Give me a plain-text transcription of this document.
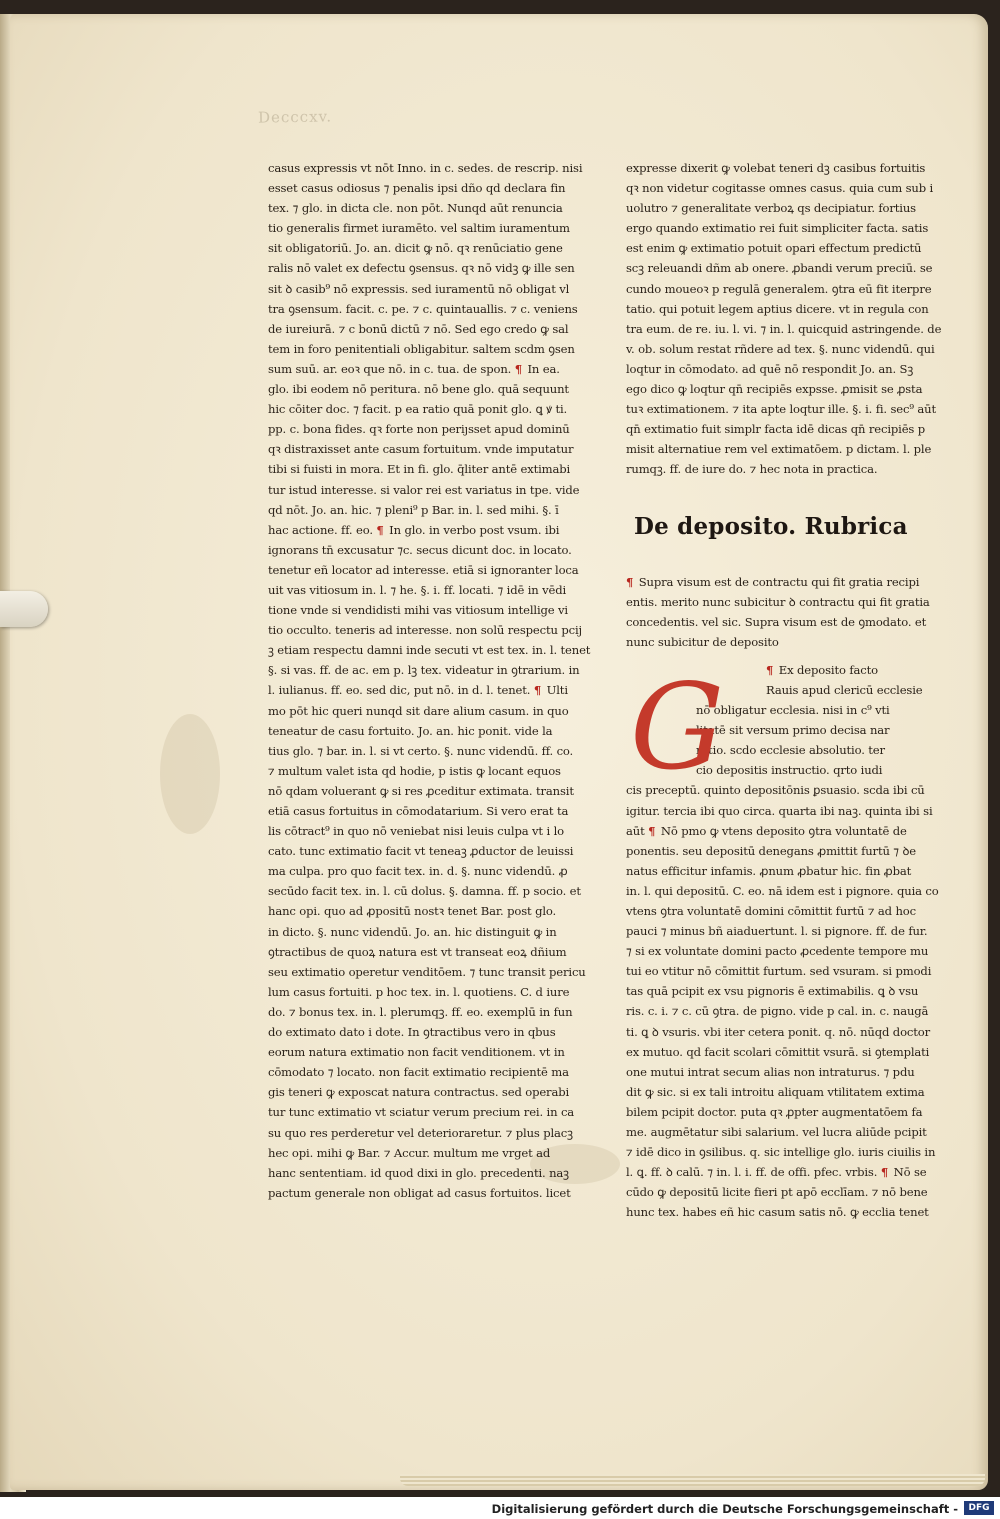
Decccxv.

casus expressis vt nōt Inno. in c. sedes. de rescrip. nisi

esset casus odiosus ⁊ penalis ipsi dño qd declara fin

tex. ⁊ glo. in dicta cle. non pōt. Nunqd aūt renuncia

tio generalis firmet iuramēto. vel saltim iuramentum

sit obligatoriū. Jo. an. dicit ꝙ nō. qꝛ renūciatio gene

ralis nō valet ex defectu ꝯsensus. qꝛ nō vidꝫ ꝙ ille sen

sit ꝺ casib⁹ nō expressis. sed iuramentū nō obligat vl

tra ꝯsensum. facit. c. pe. ⁊ c. quintauallis. ⁊ c. veniens

de iureiurā. ⁊ c bonū dictū ⁊ nō. Sed ego credo ꝙ sal

tem in foro penitentiali obligabitur. saltem scdm ꝯsen

sum suū. ar. eoꝛ que nō. in c. tua. de spon. ¶ In ea.

glo. ibi eodem nō peritura. nō bene glo. quā sequunt

hic cōiter doc. ⁊ facit. p ea ratio quā ponit glo. ꝗ ꝟ ti.

pp. c. bona fides. qꝛ forte non periȷsset apud dominū

qꝛ distraxisset ante casum fortuitum. vnde imputatur

tibi si fuisti in mora. Et in fi. glo. q̄liter antē extimabi

tur istud interesse. si valor rei est variatus in tpe. vide

qd nōt. Jo. an. hic. ⁊ pleni⁹ p Bar. in. l. sed mihi. §. ī

hac actione. ff. eo. ¶ In glo. in verbo post vsum. ibi

ignorans tn̄ excusatur ⁊c. secus dicunt doc. in locato.

tenetur eñ locator ad interesse. etiā si ignoranter loca

uit vas vitiosum in. l. ⁊ he. §. i. ff. locati. ⁊ idē in vēdi

tione vnde si vendidisti mihi vas vitiosum intellige vi

tio occulto. teneris ad interesse. non solū respectu pcij

ꝫ etiam respectu damni inde secuti vt est tex. in. l. tenet

§. si vas. ff. de ac. em p. lꝫ tex. videatur in ꝯtrarium. in

l. iulianus. ff. eo. sed dic, put nō. in d. l. tenet. ¶ Ulti

mo pōt hic queri nunqd sit dare alium casum. in quo

teneatur de casu fortuito. Jo. an. hic ponit. vide la

tius glo. ⁊ bar. in. l. si vt certo. §. nunc videndū. ff. co.

⁊ multum valet ista qd hodie, p istis ꝙ locant equos

nō qdam voluerant ꝙ si res ꝓceditur extimata. transit

etiā casus fortuitus in cōmodatarium. Si vero erat ta

lis cōtract⁹ in quo nō veniebat nisi leuis culpa vt i lo

cato. tunc extimatio facit vt teneaꝫ ꝓductor de leuissi

ma culpa. pro quo facit tex. in. d. §. nunc videndū. ꝓ

secūdo facit tex. in. l. cū dolus. §. damna. ff. p socio. et

hanc opi. quo ad ꝓpositū nostꝛ tenet Bar. post glo.

in dicto. §. nunc videndū. Jo. an. hic distinguit ꝙ in

ꝯtractibus de quoꝝ natura est vt transeat eoꝝ dñium

seu extimatio operetur venditōem. ⁊ tunc transit pericu

lum casus fortuiti. p hoc tex. in. l. quotiens. C. d iure

do. ⁊ bonus tex. in. l. plerumqꝫ. ff. eo. exemplū in fun

do extimato dato i dote. In ꝯtractibus vero in qbus

eorum natura extimatio non facit venditionem. vt in

cōmodato ⁊ locato. non facit extimatio recipientē ma

gis teneri ꝙ exposcat natura contractus. sed operabi

tur tunc extimatio vt sciatur verum precium rei. in ca

su quo res perderetur vel deterioraretur. ⁊ plus placꝫ

hec opi. mihi ꝙ Bar. ⁊ Accur. multum me vrget ad

hanc sententiam. id quod dixi in glo. precedenti. naꝫ

pactum generale non obligat ad casus fortuitos. licet

expresse dixerit ꝙ volebat teneri dꝫ casibus fortuitis

qꝛ non videtur cogitasse omnes casus. quia cum sub i

uolutro ⁊ generalitate verboꝝ qs decipiatur. fortius

ergo quando extimatio rei fuit simpliciter facta. satis

est enim ꝙ extimatio potuit opari effectum predictū

scꝫ releuandi dñm ab onere. ꝓbandi verum preciū. se

cundo moueoꝛ p regulā generalem. ꝯtra eū fit iterpre

tatio. qui potuit legem aptius dicere. vt in regula con

tra eum. de re. iu. l. vi. ⁊ in. l. quicquid astringende. de

v. ob. solum restat rñdere ad tex. §. nunc videndū. qui

loqtur in cōmodato. ad quē nō respondit Jo. an. Sꝫ

ego dico ꝙ loqtur qn̄ recipiēs expsse. ꝓmisit se ꝓsta

tuꝛ extimationem. ⁊ ita apte loqtur ille. §. i. fi. sec⁹ aūt

qn̄ extimatio fuit simplr facta idē dicas qn̄ recipiēs p

misit alternatiue rem vel extimatōem. p dictam. l. ple

rumqꝫ. ff. de iure do. ⁊ hec nota in practica.

De deposito. Rubrica

¶ Supra visum est de contractu qui fit gratia recipi

entis. merito nunc subicitur ꝺ contractu qui fit gratia

concedentis. vel sic. Supra visum est de ꝯmodato. et

nunc subicitur de deposito

G	¶ Ex deposito facto

Rauis apud clericū ecclesie

nō obligatur ecclesia. nisi in c⁹ vti

litatē sit versum primo decisa nar

ratio. scdo ecclesie absolutio. ter

cio depositis instructio. qrto iudi

cis preceptū. quinto depositōnis ꝑsuasio. scda ibi cū

igitur. tercia ibi quo circa. quarta ibi naꝫ. quinta ibi si

aūt ¶ Nō pmo ꝙ vtens deposito ꝯtra voluntatē de

ponentis. seu depositū denegans ꝓmittit furtū ⁊ ꝺe

natus efficitur infamis. ꝓnum ꝓbatur hic. fin ꝓbat

in. l. qui depositū. C. eo. nā idem est i pignore. quia co

vtens ꝯtra voluntatē domini cōmittit furtū ⁊ ad hoc

pauci ⁊ minus bñ aiaduertunt. l. si pignore. ff. de fur.

⁊ si ex voluntate domini pacto ꝓcedente tempore mu

tui eo vtitur nō cōmittit furtum. sed vsuram. si pmodi

tas quā pcipit ex vsu pignoris ē extimabilis. ꝗ ꝺ vsu

ris. c. i. ⁊ c. cū ꝯtra. de pigno. vide p cal. in. c. naugā

ti. ꝗ ꝺ vsuris. vbi iter cetera ponit. q. nō. nūqd doctor

ex mutuo. qd facit scolari cōmittit vsurā. si ꝯtemplati

one mutui intrat secum alias non intraturus. ⁊ pdu

dit ꝙ sic. si ex tali introitu aliquam vtilitatem extima

bilem pcipit doctor. puta qꝛ ꝓpter augmentatōem fa

me. augmētatur sibi salarium. vel lucra aliūde pcipit

⁊ idē dico in ꝯsilibus. q. sic intellige glo. iuris ciuilis in

l. ꝗ. ff. ꝺ calū. ⁊ in. l. i. ff. de offi. pfec. vrbis. ¶ Nō se

cūdo ꝙ depositū licite fieri pt apō ecclīam. ⁊ nō bene

hunc tex. habes eñ hic casum satis nō. ꝙ ecclia tenet

Digitalisierung gefördert durch die Deutsche Forschungsgemeinschaft -	DFG
